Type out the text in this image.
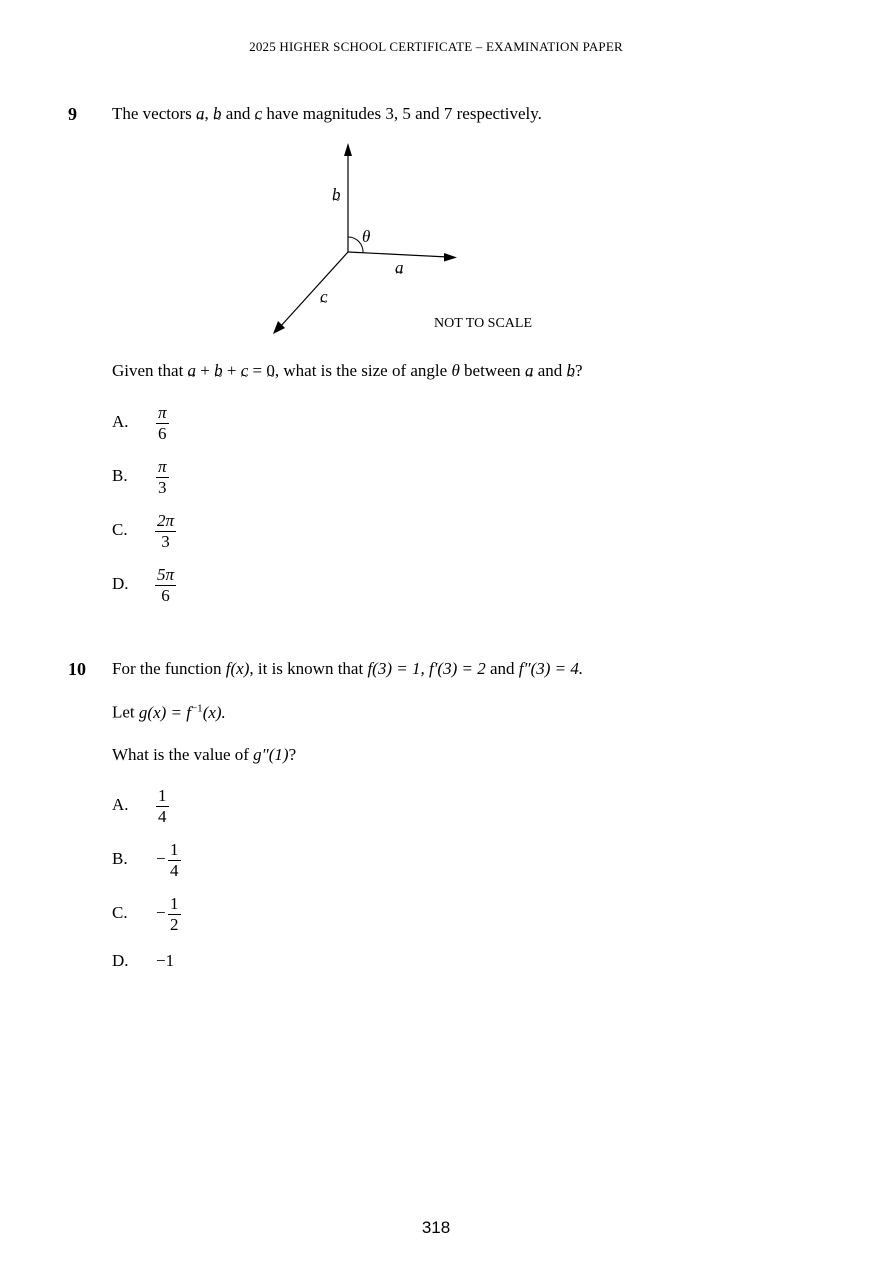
2025 HIGHER SCHOOL CERTIFICATE – EXAMINATION PAPER
9 The vectors a ~, b ~ and c ~ have magnitudes 3, 5 and 7 respectively.
b ~
θ
a ~
c ~
NOT TO SCALE
Given that a ~ + b ~ + c ~ = 0 ~, what is the size of angle θ between a ~ and b ~?
A. $\frac{\pi}{6}$
B. $\frac{\pi}{3}$
C. $\frac{2\pi}{3}$
D. $\frac{5\pi}{6}$
10 For the function f(x), it is known that f(3) = 1, f′(3) = 2 and f″(3) = 4.
Let $g(x) = f^{-1}(x)$.
What is the value of g″(1)?
A. $\frac{1}{4}$
B. − $\frac{1}{4}$
C. − $\frac{1}{2}$
D. −1
318
